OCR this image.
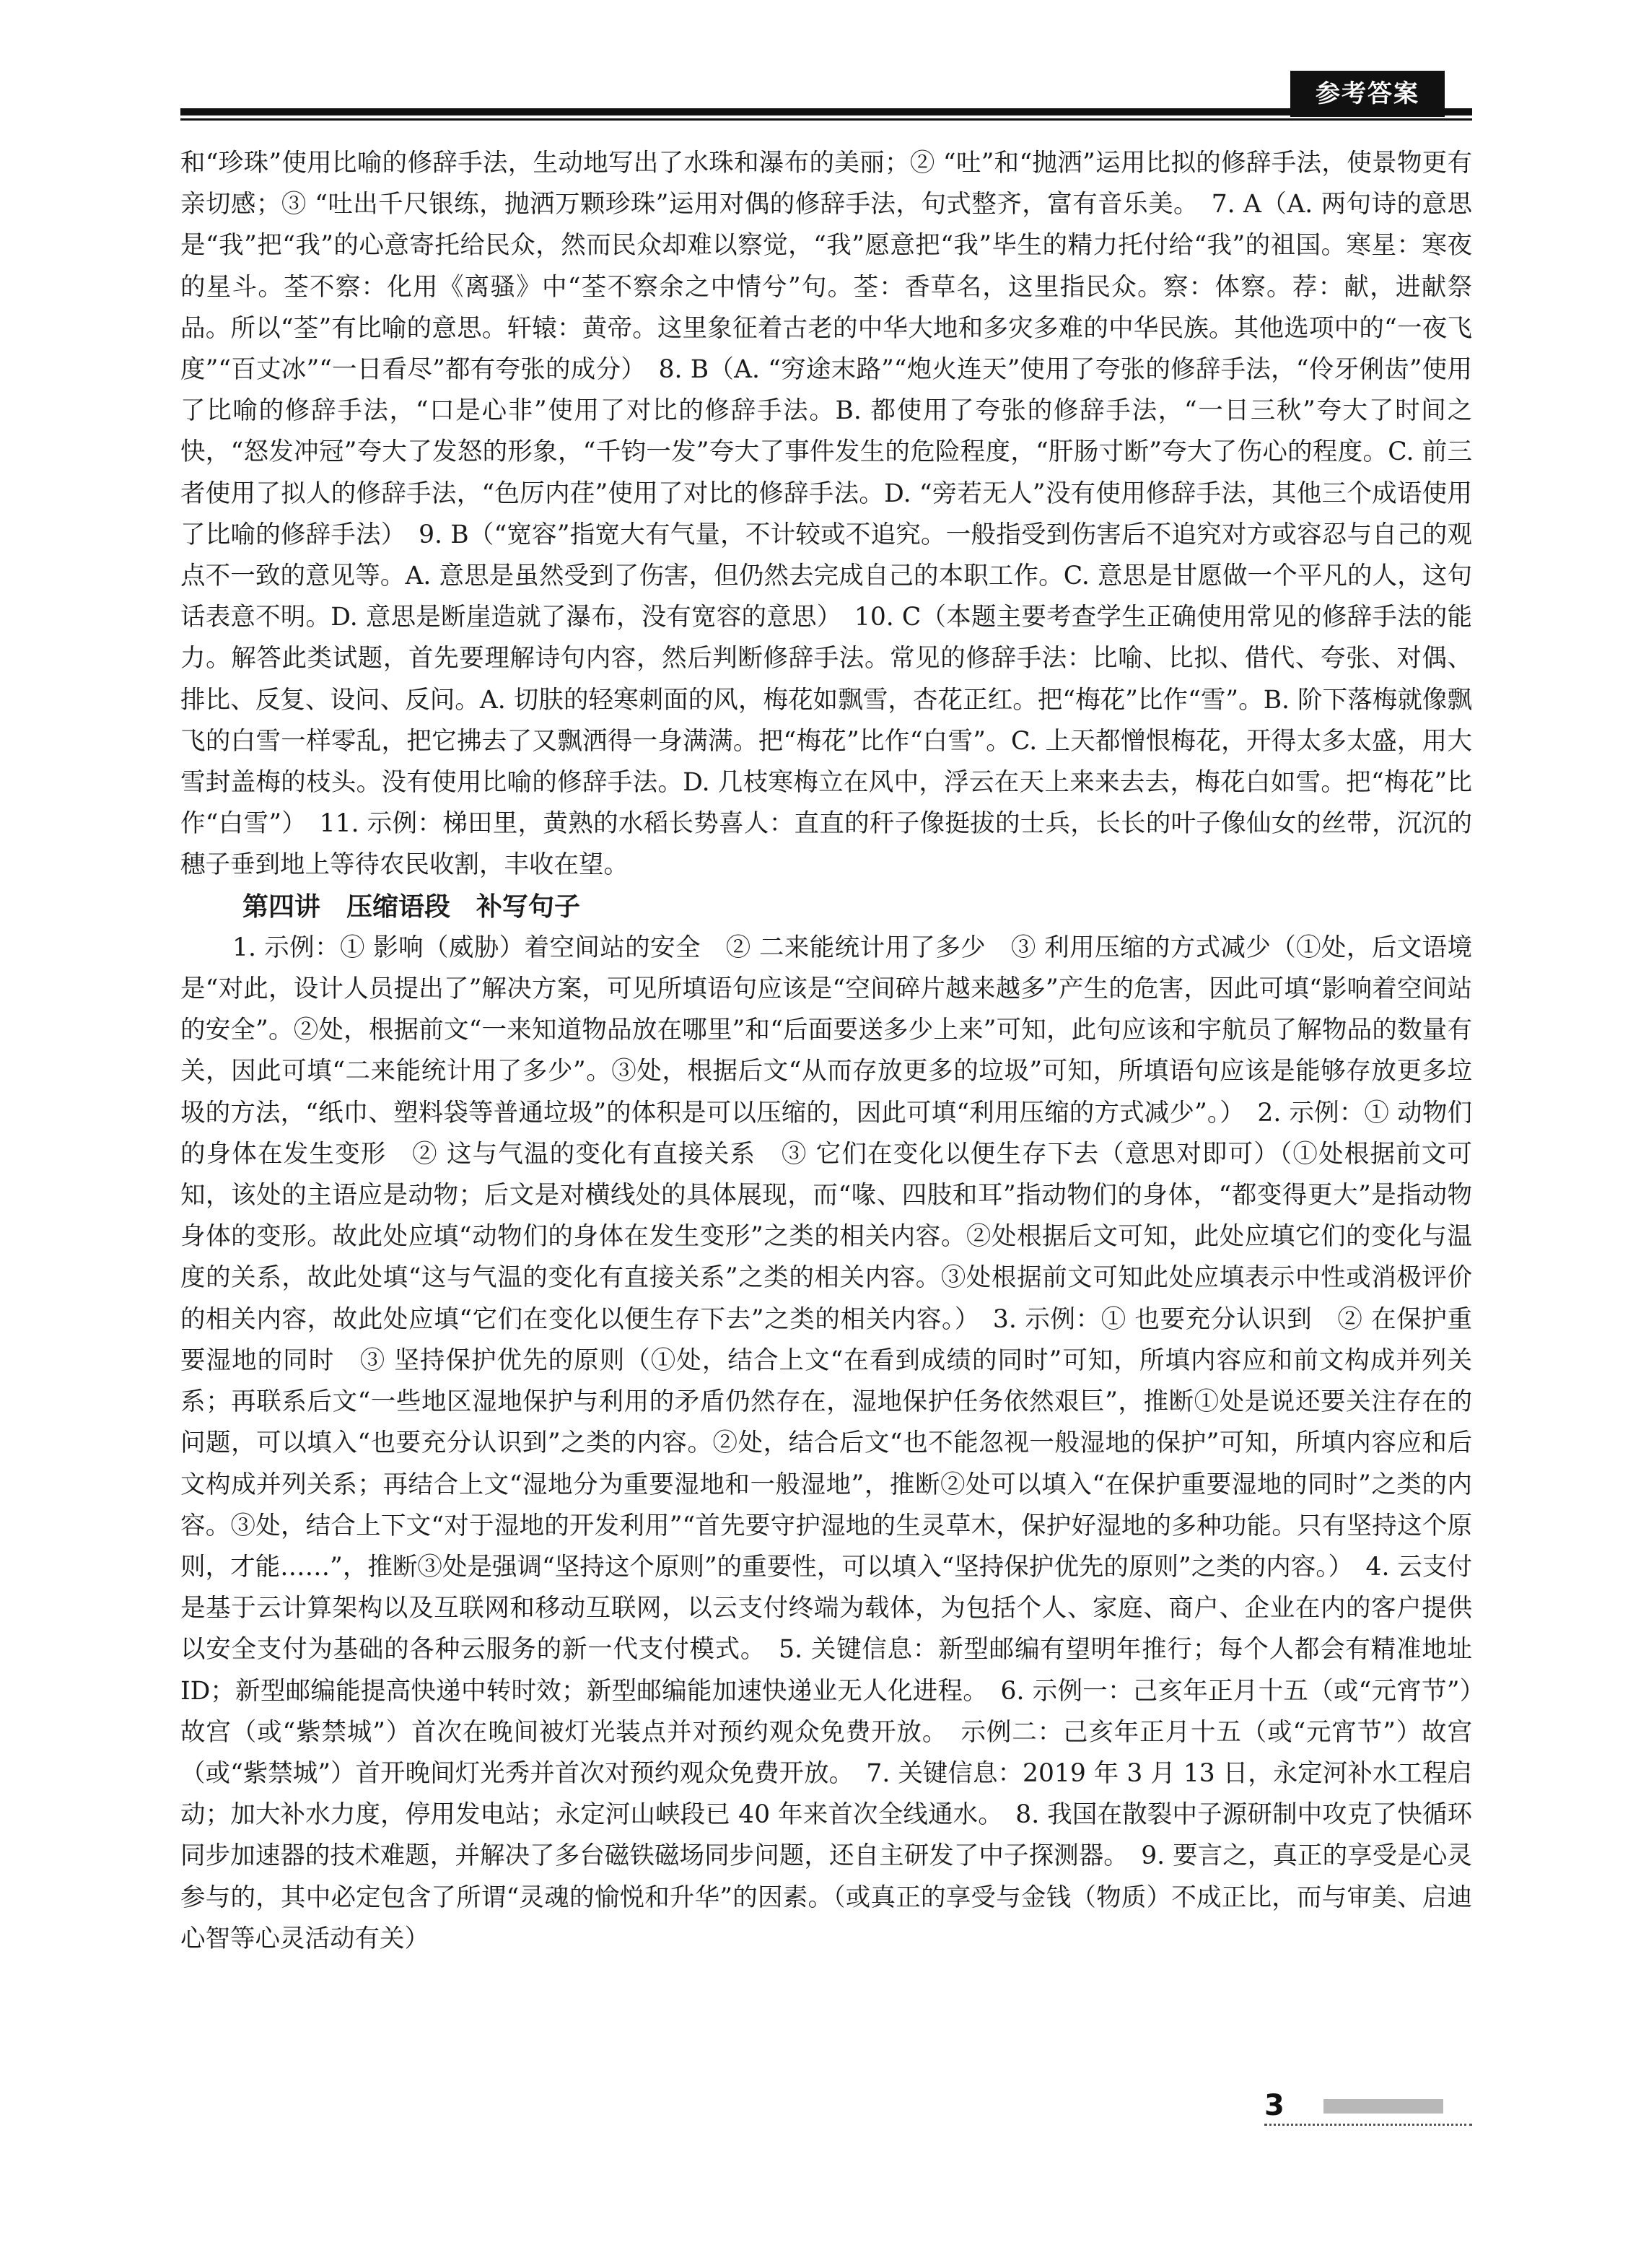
参考答案

和“珍珠”使用比喻的修辞手法，生动地写出了水珠和瀑布的美丽；② “吐”和“抛洒”运用比拟的修辞手法，使景物更有亲切感；③ “吐出千尺银练，抛洒万颗珍珠”运用对偶的修辞手法，句式整齐，富有音乐美。　7. A（A. 两句诗的意思是“我”把“我”的心意寄托给民众，然而民众却难以察觉，“我”愿意把“我”毕生的精力托付给“我”的祖国。寒星：寒夜的星斗。荃不察：化用《离骚》中“荃不察余之中情兮”句。荃：香草名，这里指民众。察：体察。荐：献，进献祭品。所以“荃”有比喻的意思。轩辕：黄帝。这里象征着古老的中华大地和多灾多难的中华民族。其他选项中的“一夜飞度”“百丈冰”“一日看尽”都有夸张的成分）　8. B（A. “穷途末路”“炮火连天”使用了夸张的修辞手法，“伶牙俐齿”使用了比喻的修辞手法，“口是心非”使用了对比的修辞手法。B. 都使用了夸张的修辞手法，“一日三秋”夸大了时间之快，“怒发冲冠”夸大了发怒的形象，“千钧一发”夸大了事件发生的危险程度，“肝肠寸断”夸大了伤心的程度。C. 前三者使用了拟人的修辞手法，“色厉内荏”使用了对比的修辞手法。D. “旁若无人”没有使用修辞手法，其他三个成语使用了比喻的修辞手法）　9. B（“宽容”指宽大有气量，不计较或不追究。一般指受到伤害后不追究对方或容忍与自己的观点不一致的意见等。A. 意思是虽然受到了伤害，但仍然去完成自己的本职工作。C. 意思是甘愿做一个平凡的人，这句话表意不明。D. 意思是断崖造就了瀑布，没有宽容的意思）　10. C（本题主要考查学生正确使用常见的修辞手法的能力。解答此类试题，首先要理解诗句内容，然后判断修辞手法。常见的修辞手法：比喻、比拟、借代、夸张、对偶、排比、反复、设问、反问。A. 切肤的轻寒刺面的风，梅花如飘雪，杏花正红。把“梅花”比作“雪”。B. 阶下落梅就像飘飞的白雪一样零乱，把它拂去了又飘洒得一身满满。把“梅花”比作“白雪”。C. 上天都憎恨梅花，开得太多太盛，用大雪封盖梅的枝头。没有使用比喻的修辞手法。D. 几枝寒梅立在风中，浮云在天上来来去去，梅花白如雪。把“梅花”比作“白雪”）　11. 示例：梯田里，黄熟的水稻长势喜人：直直的秆子像挺拔的士兵，长长的叶子像仙女的丝带，沉沉的穗子垂到地上等待农民收割，丰收在望。

第四讲　压缩语段　补写句子

1. 示例：① 影响（威胁）着空间站的安全　② 二来能统计用了多少　③ 利用压缩的方式减少（①处，后文语境是“对此，设计人员提出了”解决方案，可见所填语句应该是“空间碎片越来越多”产生的危害，因此可填“影响着空间站的安全”。②处，根据前文“一来知道物品放在哪里”和“后面要送多少上来”可知，此句应该和宇航员了解物品的数量有关，因此可填“二来能统计用了多少”。③处，根据后文“从而存放更多的垃圾”可知，所填语句应该是能够存放更多垃圾的方法，“纸巾、塑料袋等普通垃圾”的体积是可以压缩的，因此可填“利用压缩的方式减少”。）　2. 示例：① 动物们的身体在发生变形　② 这与气温的变化有直接关系　③ 它们在变化以便生存下去（意思对即可）（①处根据前文可知，该处的主语应是动物；后文是对横线处的具体展现，而“喙、四肢和耳”指动物们的身体，“都变得更大”是指动物身体的变形。故此处应填“动物们的身体在发生变形”之类的相关内容。②处根据后文可知，此处应填它们的变化与温度的关系，故此处填“这与气温的变化有直接关系”之类的相关内容。③处根据前文可知此处应填表示中性或消极评价的相关内容，故此处应填“它们在变化以便生存下去”之类的相关内容。）　3. 示例：① 也要充分认识到　② 在保护重要湿地的同时　③ 坚持保护优先的原则（①处，结合上文“在看到成绩的同时”可知，所填内容应和前文构成并列关系；再联系后文“一些地区湿地保护与利用的矛盾仍然存在，湿地保护任务依然艰巨”，推断①处是说还要关注存在的问题，可以填入“也要充分认识到”之类的内容。②处，结合后文“也不能忽视一般湿地的保护”可知，所填内容应和后文构成并列关系；再结合上文“湿地分为重要湿地和一般湿地”，推断②处可以填入“在保护重要湿地的同时”之类的内容。③处，结合上下文“对于湿地的开发利用”“首先要守护湿地的生灵草木，保护好湿地的多种功能。只有坚持这个原则，才能……”，推断③处是强调“坚持这个原则”的重要性，可以填入“坚持保护优先的原则”之类的内容。）　4. 云支付是基于云计算架构以及互联网和移动互联网，以云支付终端为载体，为包括个人、家庭、商户、企业在内的客户提供以安全支付为基础的各种云服务的新一代支付模式。　5. 关键信息：新型邮编有望明年推行；每个人都会有精准地址 ID；新型邮编能提高快递中转时效；新型邮编能加速快递业无人化进程。　6. 示例一：己亥年正月十五（或“元宵节”）故宫（或“紫禁城”）首次在晚间被灯光装点并对预约观众免费开放。　示例二：己亥年正月十五（或“元宵节”）故宫（或“紫禁城”）首开晚间灯光秀并首次对预约观众免费开放。　7. 关键信息：2019 年 3 月 13 日，永定河补水工程启动；加大补水力度，停用发电站；永定河山峡段已 40 年来首次全线通水。　8. 我国在散裂中子源研制中攻克了快循环同步加速器的技术难题，并解决了多台磁铁磁场同步问题，还自主研发了中子探测器。　9. 要言之，真正的享受是心灵参与的，其中必定包含了所谓“灵魂的愉悦和升华”的因素。（或真正的享受与金钱（物质）不成正比，而与审美、启迪心智等心灵活动有关）

3
